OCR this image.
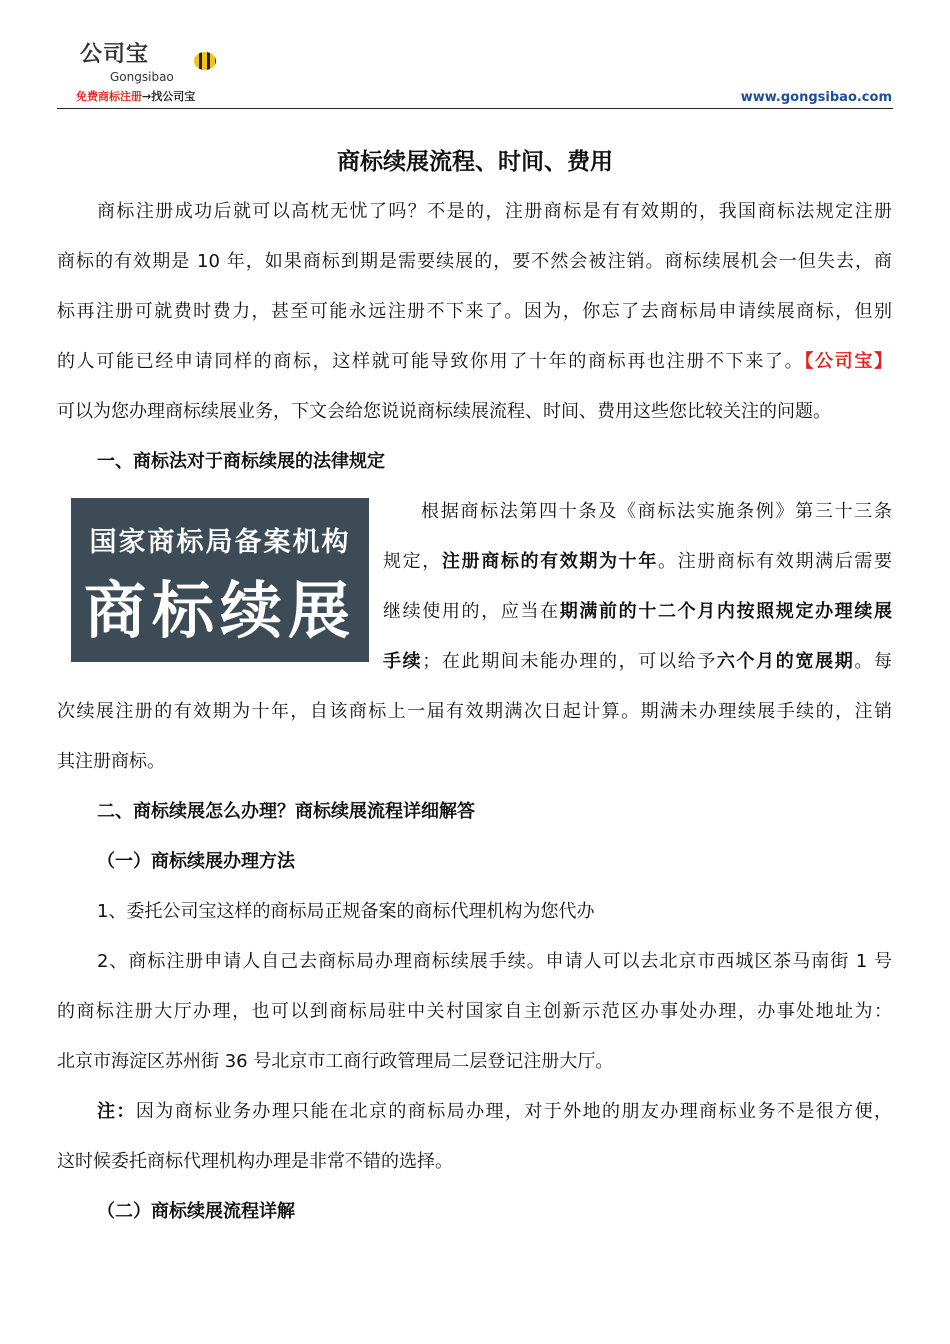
公司宝
Gongsibao
免费商标注册→找公司宝	www.gongsibao.com
商标续展流程、时间、费用
国家商标局备案机构
商标续展
商标注册成功后就可以高枕无忧了吗？不是的，注册商标是有有效期的，我国商标法规定注册
商标的有效期是 10 年，如果商标到期是需要续展的，要不然会被注销。商标续展机会一但失去，商
标再注册可就费时费力，甚至可能永远注册不下来了。因为，你忘了去商标局申请续展商标，但别
的人可能已经申请同样的商标，这样就可能导致你用了十年的商标再也注册不下来了。【公司宝】
可以为您办理商标续展业务，下文会给您说说商标续展流程、时间、费用这些您比较关注的问题。
一、商标法对于商标续展的法律规定
根据商标法第四十条及《商标法实施条例》第三十三条
规定，注册商标的有效期为十年。注册商标有效期满后需要
继续使用的，应当在期满前的十二个月内按照规定办理续展
手续；在此期间未能办理的，可以给予六个月的宽展期。每
次续展注册的有效期为十年，自该商标上一届有效期满次日起计算。期满未办理续展手续的，注销
其注册商标。
二、商标续展怎么办理？商标续展流程详细解答
（一）商标续展办理方法
1、委托公司宝这样的商标局正规备案的商标代理机构为您代办
2、商标注册申请人自己去商标局办理商标续展手续。申请人可以去北京市西城区茶马南街 1 号
的商标注册大厅办理，也可以到商标局驻中关村国家自主创新示范区办事处办理，办事处地址为：
北京市海淀区苏州街 36 号北京市工商行政管理局二层登记注册大厅。
注：因为商标业务办理只能在北京的商标局办理，对于外地的朋友办理商标业务不是很方便，
这时候委托商标代理机构办理是非常不错的选择。
（二）商标续展流程详解
